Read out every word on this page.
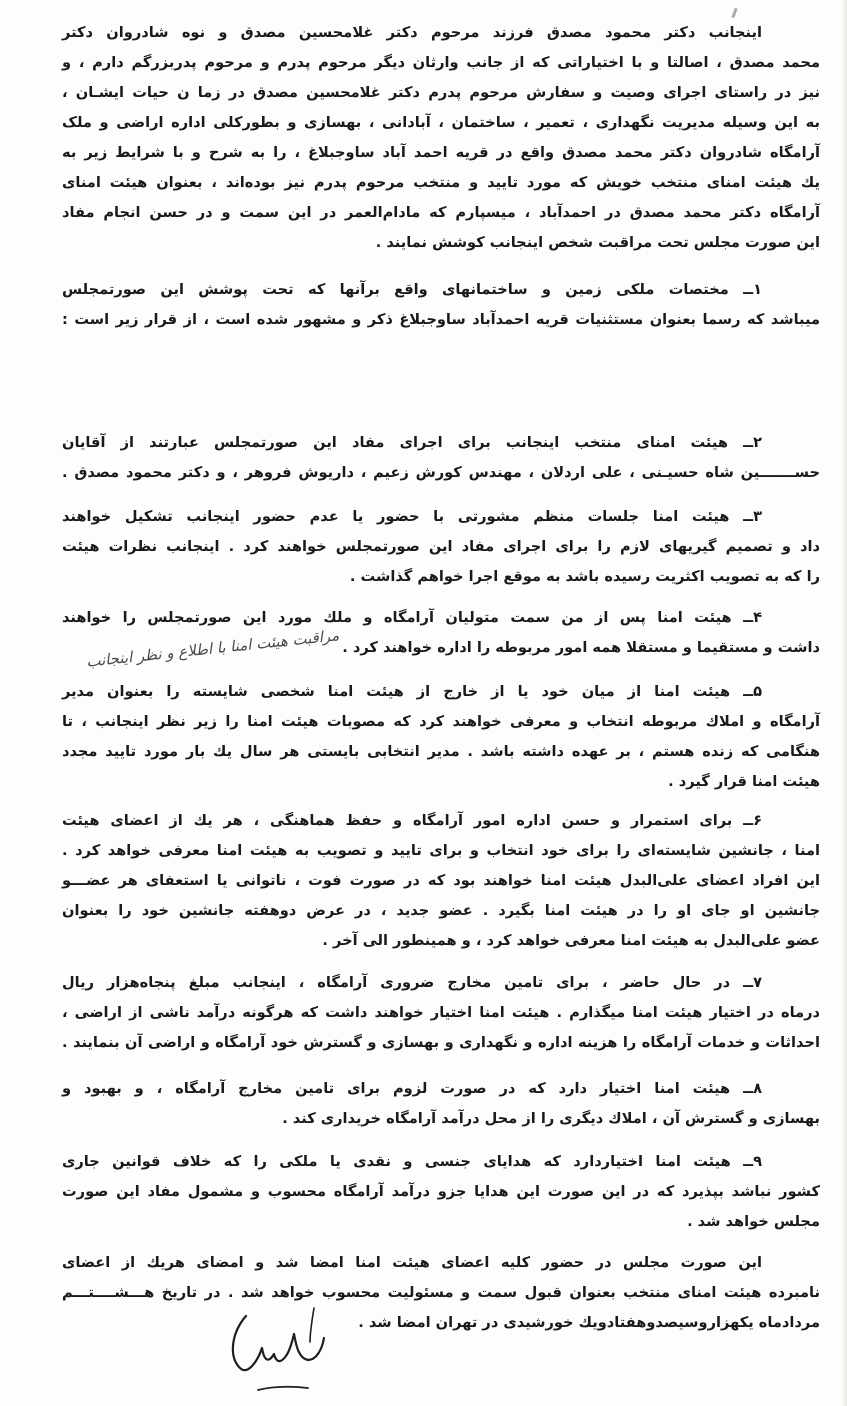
اینجانب دکتر محمود مصدق فرزند مرحوم دکتر غلامحسین مصدق و نوه شادروان دکتر
محمد مصدق ، اصالتا و با اختیاراتی که از جانب وارثان دیگر مرحوم پدرم و مرحوم پدربزرگم دارم ، و
نیز در راستای اجرای وصیت و سفارش مرحوم پدرم دکتر غلامحسین مصدق در زما ن حیات ایشـان ،
به این وسیله مدیریت نگهداری ، تعمیر ، ساختمان ، آبادانی ، بهسازی و بطورکلی اداره اراضی و ملک
آرامگاه شادروان دکتر محمد مصدق واقع در قریه احمد آباد ساوجبلاغ ، را به شرح و با شرایط زیر به
یك هیئت امنای منتخب خویش که مورد تایید و منتخب مرحوم پدرم نیز بوده‌اند ، بعنوان هیئت امنای
آرامگاه دکتر محمد مصدق در احمدآباد ، میسپارم که مادام‌العمر در این سمت و در حسن انجام مفاد
این صورت مجلس تحت مراقبت شخص اینجانب کوشش نمایند .
۱ــ مختصات ملکی زمین و ساختمانهای واقع برآنها که تحت پوشش این صورتمجلس
میباشد که رسما بعنوان مستثنیات قریه احمدآباد ساوجبلاغ ذکر و مشهور شده است ، از قرار زیر است :
۲ــ هیئت امنای منتخب اینجانب برای اجرای مفاد این صورتمجلس عبارتند از آقایان
حســـــــین شاه حسیـنی ، علی اردلان ، مهندس کورش زعیم ، داریوش فروهر ، و دکتر محمود مصدق .
۳ــ هیئت امنا جلسات منظم مشورتی با حضور یا عدم حضور اینجانب تشکیل خواهند
داد و تصمیم گیریهای لازم را برای اجرای مفاد این صورتمجلس خواهند کرد . اینجانب نظرات هیئت
را که به تصویب اکثریت رسیده باشد به موقع اجرا خواهم گذاشت .
۴ــ هیئت امنا پس از من سمت متولیان آرامگاه و ملك مورد این صورتمجلس را خواهند
داشت و مستقیما و مستقلا همه امور مربوطه را اداره خواهند کرد .
مراقبت هیئت امنا با اطلاع و نظر اینجانب
۵ــ هیئت امنا از میان خود یا از خارج از هیئت امنا شخصی شایسته را بعنوان مدیر
آرامگاه و املاك مربوطه انتخاب و معرفی خواهند کرد که مصوبات هیئت امنا را زیر نظر اینجانب ، تا
هنگامی که زنده هستم ، بر عهده داشته باشد . مدیر انتخابی بایستی هر سال یك بار مورد تایید مجدد
هیئت امنا قرار گیرد .
۶ــ برای استمرار و حسن اداره امور آرامگاه و حفظ هماهنگی ، هر یك از اعضای هیئت
امنا ، جانشین شایسته‌ای را برای خود انتخاب و برای تایید و تصویب به هیئت امنا معرفی خواهد کرد .
این افراد اعضای علی‌البدل هیئت امنا خواهند بود که در صورت فوت ، ناتوانی یا استعفای هر عضـــو
جانشین او جای او را در هیئت امنا بگیرد . عضو جدید ، در عرض دوهفته جانشین خود را بعنوان
عضو علی‌البدل به هیئت امنا معرفی خواهد کرد ، و همینطور الی آخر .
۷ــ در حال حاضر ، برای تامین مخارج ضروری آرامگاه ، اینجانب مبلغ پنجاه‌هزار ریال
درماه در اختیار هیئت امنا میگذارم . هیئت امنا اختیار خواهند داشت که هرگونه درآمد ناشی از اراضی ،
احداثات و خدمات آرامگاه را هزینه اداره و نگهداری و بهسازی و گسترش خود آرامگاه و اراضی آن بنمایند .
۸ــ هیئت امنا اختیار دارد که در صورت لزوم برای تامین مخارج آرامگاه ، و بهبود و
بهسازی و گسترش آن ، املاك دیگری را از محل درآمد آرامگاه خریداری کند .
۹ــ هیئت امنا اختیاردارد که هدایای جنسی و نقدی یا ملکی را که خلاف قوانین جاری
کشور نباشد بپذیرد که در این صورت این هدایا جزو درآمد آرامگاه محسوب و مشمول مفاد این صورت
مجلس خواهد شد .
این صورت مجلس در حضور کلیه اعضای هیئت امنا امضا شد و امضای هریك از اعضای
نامبرده هیئت امنای منتخب بعنوان قبول سمت و مسئولیت محسوب خواهد شد . در تاریخ هـــشــــتـــم
مردادماه یکهزاروسیصدوهفتادویك خورشیدی در تهران امضا شد .
